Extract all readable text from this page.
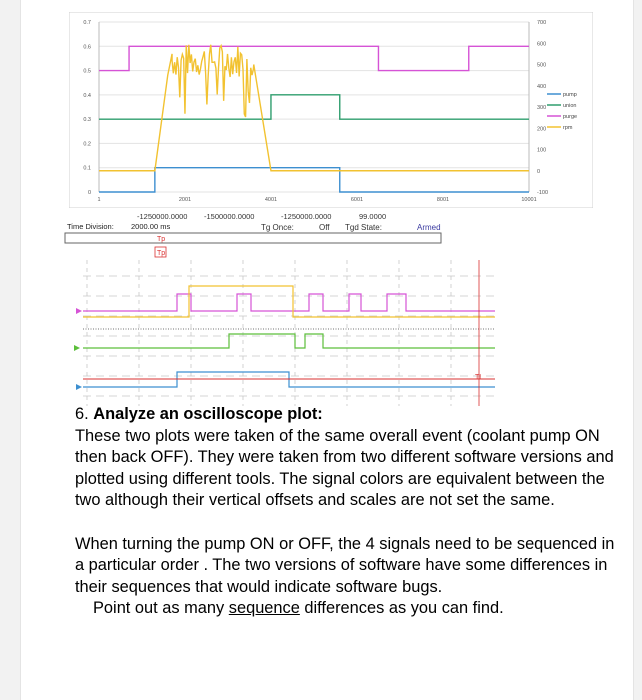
0
0.1
0.2
0.3
0.4
0.5
0.6
0.7
-100
0
100
200
300
400
500
600
700
1	2001	4001	6001	8001	10001
pump
union
purge
rpm
-1250000.0000 -1500000.0000	-1250000.0000	99.0000
Time Division: 2000.00 ms	Tg Once:	Off Tgd State:	Armed
Tp
Tp
TL

6. Analyze an oscilloscope plot:

These two plots were taken of the same overall event (coolant pump ON then back OFF). They were taken from two different software versions and plotted using different tools. The signal colors are equivalent between the two although their vertical offsets and scales are not set the same.

When turning the pump ON or OFF, the 4 signals need to be sequenced in a particular order . The two versions of software have some differences in their sequences that would indicate software bugs.

Point out as many sequence differences as you can find.
